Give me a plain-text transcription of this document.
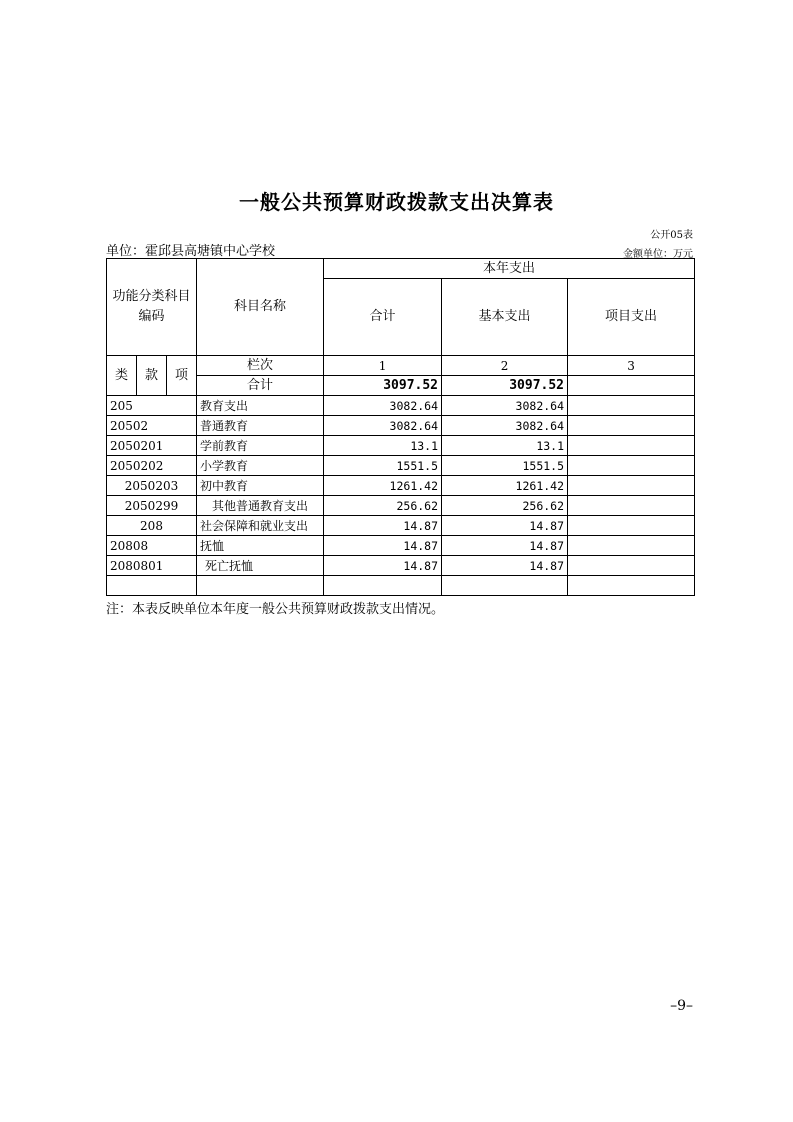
一般公共预算财政拨款支出决算表
公开05表
单位：霍邱县高塘镇中心学校	金额单位：万元
功能分类科目编码			科目名称	本年支出		
				合计	基本支出	项目支出
类	款	项	栏次	1	2	3
			合计	3097.52	3097.52	
205			教育支出	3082.64	3082.64	
20502			普通教育	3082.64	3082.64	
2050201			学前教育	13.1	13.1	
2050202			小学教育	1551.5	1551.5	
2050203			初中教育	1261.42	1261.42	
2050299			其他普通教育支出	256.62	256.62	
208			社会保障和就业支出	14.87	14.87	
20808			抚恤	14.87	14.87	
2080801			死亡抚恤	14.87	14.87	

注：本表反映单位本年度一般公共预算财政拨款支出情况。
–9–
